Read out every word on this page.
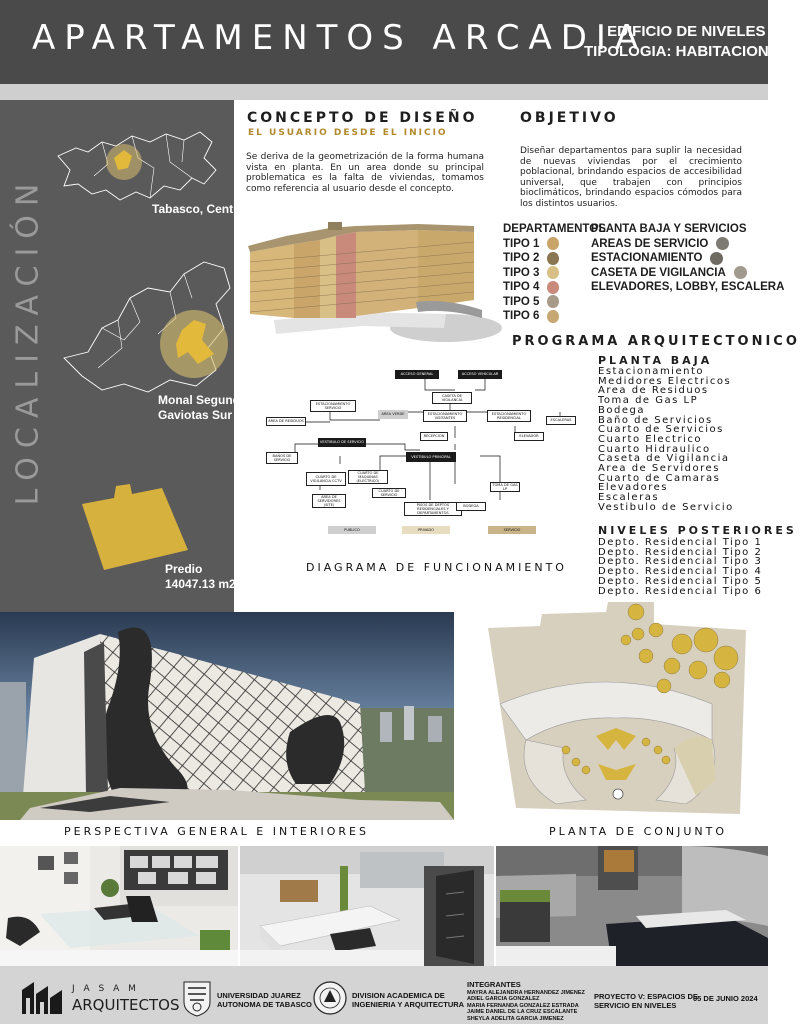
APARTAMENTOS ARCADIA
EDIFICIO DE NIVELES
TIPOLOGIA: HABITACIONAL
LOCALIZACIÓN	Tabasco, Centro
Monal Segunda
Gaviotas Sur
Predio
14047.13 m2
CONCEPTO DE DISEÑO
EL USUARIO DESDE EL INICIO
Se deriva de la geometrización de la forma humana vista en planta. En un area donde su principal problematica es la falta de viviendas, tomamos como referencia al usuario desde el concepto.
OBJETIVO
Diseñar departamentos para suplir la necesidad de nuevas viviendas por el crecimiento poblacional, brindando espacios de accesibilidad universal, que trabajen con principios bioclimáticos, brindando espacios cómodos para los distintos usuarios.
DEPARTAMENTOS
TIPO 1
TIPO 2
TIPO 3
TIPO 4
TIPO 5
TIPO 6
PLANTA BAJA Y SERVICIOS
AREAS DE SERVICIO
ESTACIONAMIENTO
CASETA DE VIGILANCIA
ELEVADORES, LOBBY, ESCALERA
PROGRAMA ARQUITECTONICO
PLANTA BAJA
Estacionamiento
Medidores Electricos
Area de Residuos
Toma de Gas LP
Bodega
Baño de Servicios
Cuarto de Servicios
Cuarto Electrico
Cuarto Hidraulico
Caseta de Vigilancia
Area de Servidores
Cuarto de Camaras
Elevadores
Escaleras
Vestibulo de Servicio
NIVELES POSTERIORES
Depto. Residencial Tipo 1
Depto. Residencial Tipo 2
Depto. Residencial Tipo 3
Depto. Residencial Tipo 4
Depto. Residencial Tipo 5
Depto. Residencial Tipo 6
ACCESO GENERAL	ACCESO VEHICULAR
ESTACIONAMIENTO SERVICIO
CASETA DE VIGILANCIA
AREA VERDE	ESTACIONAMIENTO VISITANTES
ESTACIONAMIENTO RESIDENCIAL
ESCALERAS
AREA DE RESIDUOS
RECEPCION	ELEVADOR
VESTIBULO DE SERVICIO
BAÑOS DE SERVICIO
VESTIBULO PRINCIPAL
CUARTO DE VIGILANCIA CCTV
CUARTO DE MAQUINAS (ELECTRICO)
CUARTO DE SERVICIO
TOMA DE GAS LP
AREA DE SERVIDORES (SITE)	PISOS DE DEPTOS RESIDENCIALES Y DEPARTAMENTOS
BODEGA
PUBLICO	PRIVADO	SERVICIO
DIAGRAMA DE FUNCIONAMIENTO
PERSPECTIVA GENERAL E INTERIORES	PLANTA DE CONJUNTO
J A S A M
ARQUITECTOS
UNIVERSIDAD JUAREZ
AUTONOMA DE TABASCO
DIVISION ACADEMICA DE
INGENIERIA Y ARQUITECTURA
INTEGRANTES
MAYRA ALEJANDRA HERNANDEZ JIMENEZ
ADIEL GARCIA GONZALEZ
MARIA FERNANDA GONZALEZ ESTRADA
JAIME DANIEL DE LA CRUZ ESCALANTE
SHEYLA ADELITA GARCIA JIMENEZ
PROYECTO V: ESPACIOS DE
SERVICIO EN NIVELES
05 DE JUNIO 2024
